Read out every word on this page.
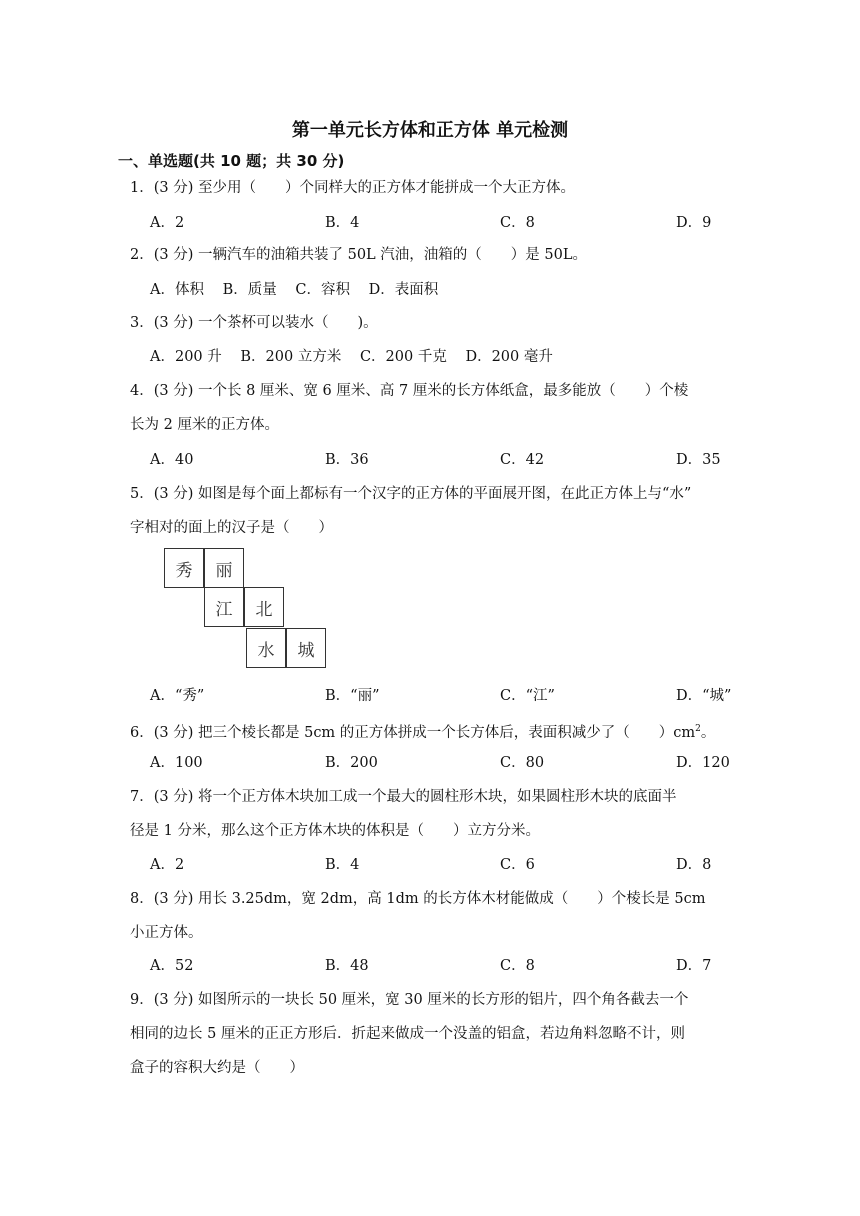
第一单元长方体和正方体 单元检测
一、单选题(共 10 题；共 30 分)
1．(3 分) 至少用（　　）个同样大的正方体才能拼成一个大正方体。
A．2	B．4	C．8	D．9
2．(3 分) 一辆汽车的油箱共装了 50L 汽油，油箱的（　　）是 50L。
A．体积 B．质量 C．容积 D．表面积
3．(3 分) 一个茶杯可以装水（　　)。
A．200 升 B．200 立方米 C．200 千克 D．200 毫升
4．(3 分) 一个长 8 厘米、宽 6 厘米、高 7 厘米的长方体纸盒，最多能放（　　）个棱
长为 2 厘米的正方体。
A．40	B．36	C．42	D．35
5．(3 分) 如图是每个面上都标有一个汉字的正方体的平面展开图，在此正方体上与“水”
字相对的面上的汉子是（　　）
秀	丽
江	北
水	城
A．“秀”	B．“丽”	C．“江”	D．“城”
6．(3 分) 把三个棱长都是 5cm 的正方体拼成一个长方体后，表面积减少了（　　）$cm^2$。
A．100	B．200	C．80	D．120
7．(3 分) 将一个正方体木块加工成一个最大的圆柱形木块，如果圆柱形木块的底面半
径是 1 分米，那么这个正方体木块的体积是（　　）立方分米。
A．2	B．4	C．6	D．8
8．(3 分) 用长 3.25dm，宽 2dm，高 1dm 的长方体木材能做成（　　）个棱长是 5cm
小正方体。
A．52	B．48	C．8	D．7
9．(3 分) 如图所示的一块长 50 厘米，宽 30 厘米的长方形的铝片，四个角各截去一个
相同的边长 5 厘米的正正方形后．折起来做成一个没盖的铝盒，若边角料忽略不计，则
盒子的容积大约是（　　）
